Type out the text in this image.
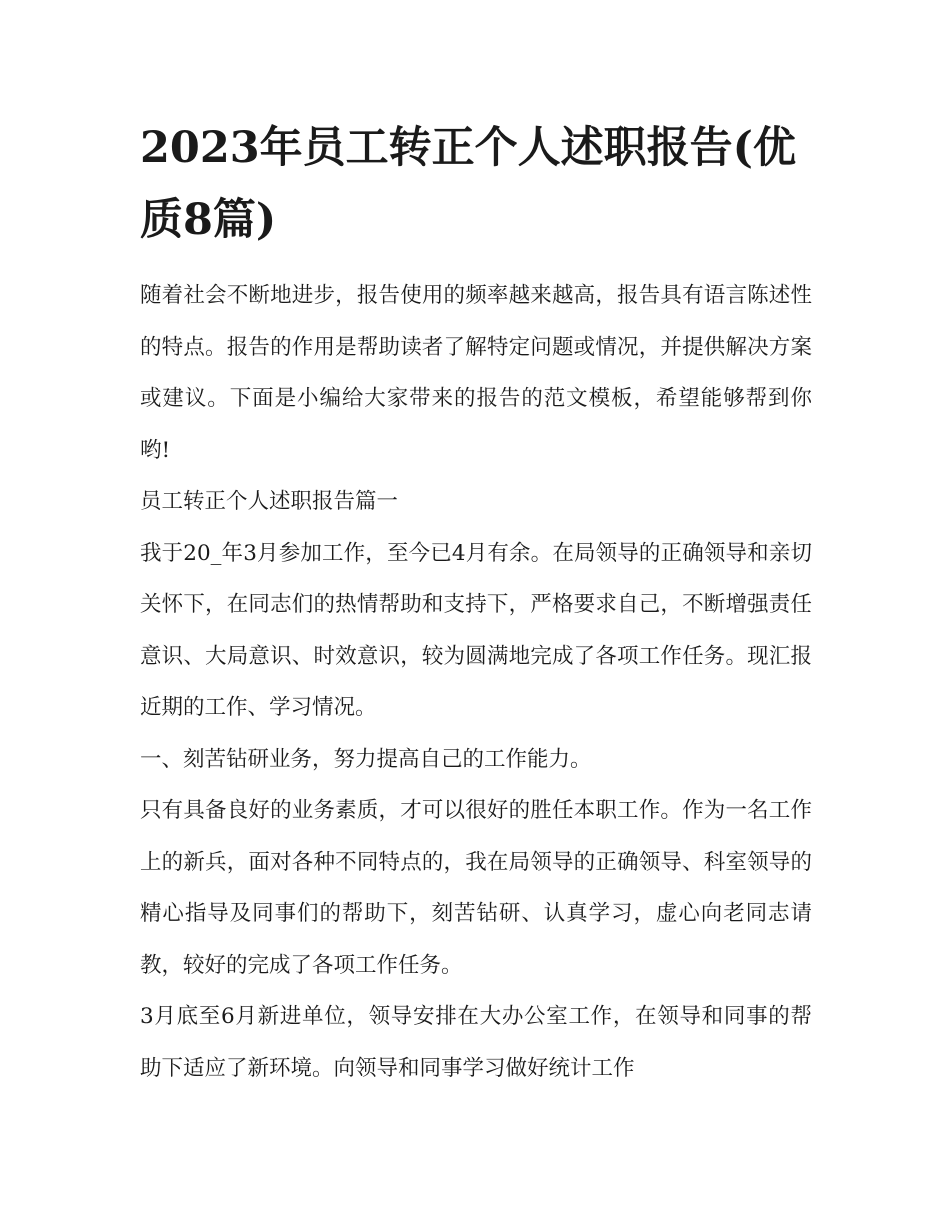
2023年员工转正个人述职报告(优质8篇)

随着社会不断地进步，报告使用的频率越来越高，报告具有语言陈述性的特点。报告的作用是帮助读者了解特定问题或情况，并提供解决方案或建议。下面是小编给大家带来的报告的范文模板，希望能够帮到你哟!

员工转正个人述职报告篇一

我于20_年3月参加工作，至今已4月有余。在局领导的正确领导和亲切关怀下，在同志们的热情帮助和支持下，严格要求自己，不断增强责任意识、大局意识、时效意识，较为圆满地完成了各项工作任务。现汇报近期的工作、学习情况。

一、刻苦钻研业务，努力提高自己的工作能力。

只有具备良好的业务素质，才可以很好的胜任本职工作。作为一名工作上的新兵，面对各种不同特点的，我在局领导的正确领导、科室领导的精心指导及同事们的帮助下，刻苦钻研、认真学习，虚心向老同志请教，较好的完成了各项工作任务。

3月底至6月新进单位，领导安排在大办公室工作，在领导和同事的帮助下适应了新环境。向领导和同事学习做好统计工作
